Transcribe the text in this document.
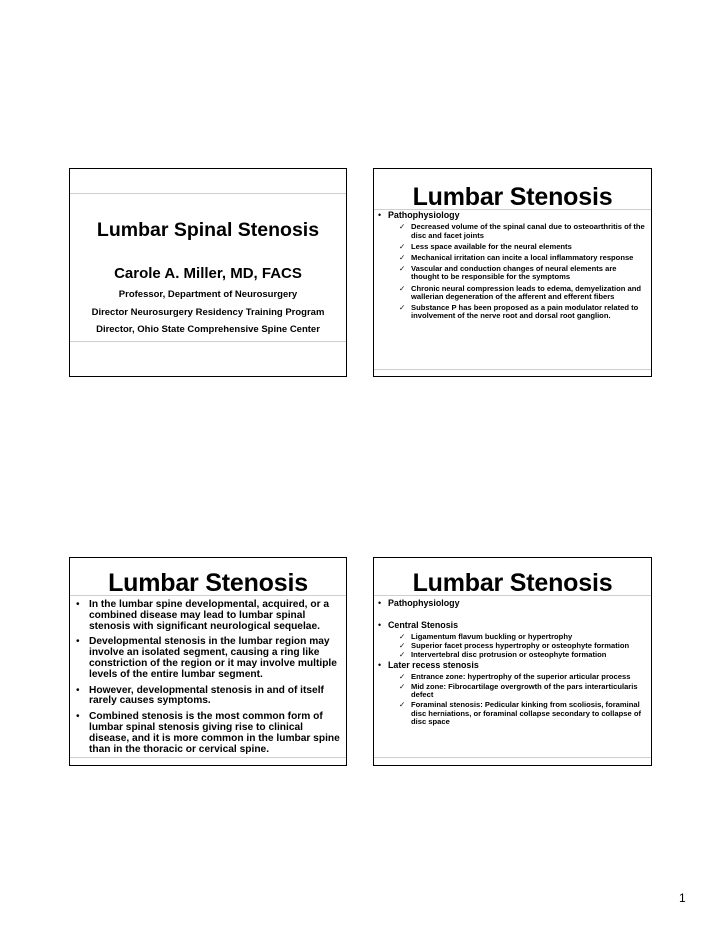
Lumbar Spinal Stenosis
Carole A. Miller, MD, FACS
Professor, Department of Neurosurgery
Director Neurosurgery Residency Training Program
Director, Ohio State Comprehensive Spine Center
Lumbar Stenosis

• Pathophysiology

✓ Decreased volume of the spinal canal due to osteoarthritis of the disc and facet joints

✓ Less space available for the neural elements

✓ Mechanical irritation can incite a local inflammatory response

✓ Vascular and conduction changes of neural elements are thought to be responsible for the symptoms

✓ Chronic neural compression leads to edema, demyelization and wallerian degeneration of the afferent and efferent fibers

✓ Substance P has been proposed as a pain modulator related to involvement of the nerve root and dorsal root ganglion.

Lumbar Stenosis

• In the lumbar spine developmental, acquired, or a combined disease may lead to lumbar spinal stenosis with significant neurological sequelae.

• Developmental stenosis in the lumbar region may involve an isolated segment, causing a ring like constriction of the region or it may involve multiple levels of the entire lumbar segment.

• However, developmental stenosis in and of itself rarely causes symptoms.

• Combined stenosis is the most common form of lumbar spinal stenosis giving rise to clinical disease, and it is more common in the lumbar spine than in the thoracic or cervical spine.

Lumbar Stenosis

• Pathophysiology

• Central Stenosis

✓ Ligamentum flavum buckling or hypertrophy

✓ Superior facet process hypertrophy or osteophyte formation

✓ Intervertebral disc protrusion or osteophyte formation

• Later recess stenosis

✓ Entrance zone: hypertrophy of the superior articular process

✓ Mid zone: Fibrocartilage overgrowth of the pars interarticularis defect

✓ Foraminal stenosis: Pedicular kinking from scoliosis, foraminal disc herniations, or foraminal collapse secondary to collapse of disc space

1
